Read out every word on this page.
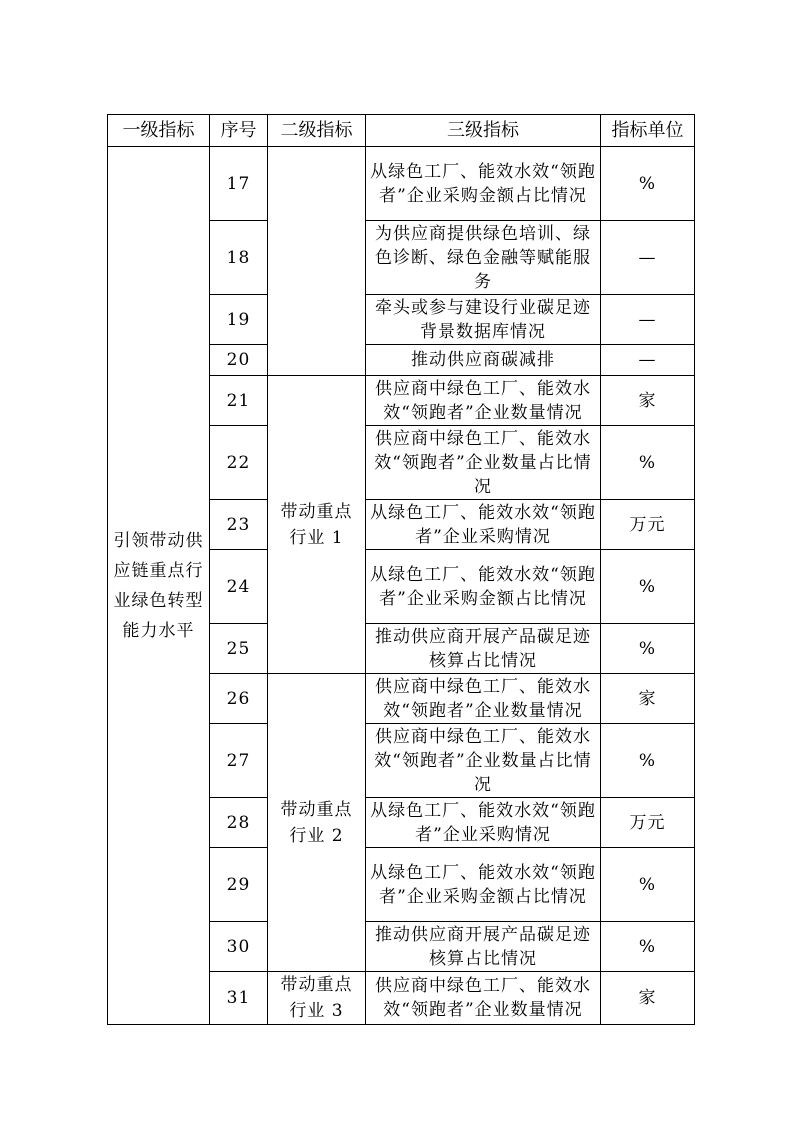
一级指标	序号	二级指标	三级指标	指标单位
引领带动供应链重点行业绿色转型能力水平	17		从绿色工厂、能效水效“领跑者”企业采购金额占比情况	%
	18		为供应商提供绿色培训、绿色诊断、绿色金融等赋能服务	—
	19		牵头或参与建设行业碳足迹背景数据库情况	—
	20		推动供应商碳减排	—
	21	带动重点行业 1	供应商中绿色工厂、能效水效“领跑者”企业数量情况	家
	22		供应商中绿色工厂、能效水效“领跑者”企业数量占比情况	%
	23		从绿色工厂、能效水效“领跑者”企业采购情况	万元
	24		从绿色工厂、能效水效“领跑者”企业采购金额占比情况	%
	25		推动供应商开展产品碳足迹核算占比情况	%
	26	带动重点行业 2	供应商中绿色工厂、能效水效“领跑者”企业数量情况	家
	27		供应商中绿色工厂、能效水效“领跑者”企业数量占比情况	%
	28		从绿色工厂、能效水效“领跑者”企业采购情况	万元
	29		从绿色工厂、能效水效“领跑者”企业采购金额占比情况	%
	30		推动供应商开展产品碳足迹核算占比情况	%
	31	带动重点行业 3	供应商中绿色工厂、能效水效“领跑者”企业数量情况	家
